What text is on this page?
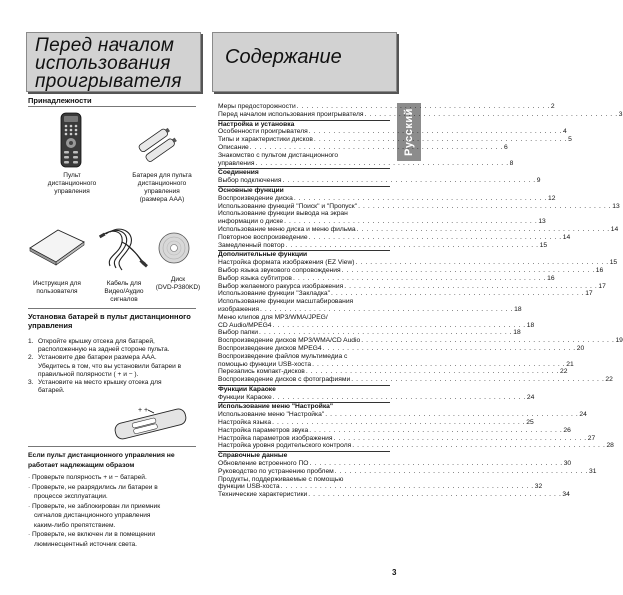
Перед началом
использования
проигрывателя
Содержание
Русский
Принадлежности
Пульт
дистанционного
управления
Батарея для пульта
дистанционного
управления
(размера AAA)
Инструкция для
пользователя
Кабель для
Видео/Аудио
сигналов
Диск
(DVD-P380KD)
Установка батарей в пульт дистанционного
управления
1. Откройте крышку отсека для батарей,
расположенную на задней стороне пульта.
2. Установите две батареи размера AAA.
Убедитесь в том, что вы установили батареи в
правильной полярности ( + и − ).
3. Установите на место крышку отсека для
батарей.
+ +
Если пульт дистанционного управления не
работает надлежащим образом
· Проверьте полярность + и − батарей.
· Проверьте, не разрядились ли батареи в
процессе эксплуатации.
· Проверьте, не заблокирован ли приемник
сигналов дистанционного управления
каким-либо препятствием.
· Проверьте, не включен ли в помещении
люминесцентный источник света.
Меры предосторожности . . . . . . . . . . . . . . . . . . . . . . . . . . . . . . . . . . . . . . . . . . . . . . . . . . . . 2
Перед началом использования проигрывателя . . . . . . . . . . . . . . . . . . . . . . . . . . . . . . . . . . . . . . . . . . . . . . . . . . . . 3
Настройка и установка
Особенности проигрывателя . . . . . . . . . . . . . . . . . . . . . . . . . . . . . . . . . . . . . . . . . . . . . . . . . . . . 4
Типы и характеристики дисков . . . . . . . . . . . . . . . . . . . . . . . . . . . . . . . . . . . . . . . . . . . . . . . . . . . . 5
Описание . . . . . . . . . . . . . . . . . . . . . . . . . . . . . . . . . . . . . . . . . . . . . . . . . . . . 6
Знакомство с пультом дистанционного
управления . . . . . . . . . . . . . . . . . . . . . . . . . . . . . . . . . . . . . . . . . . . . . . . . . . . . 8
Соединения
Выбор подключения . . . . . . . . . . . . . . . . . . . . . . . . . . . . . . . . . . . . . . . . . . . . . . . . . . . . 9
Основные функции
Воспроизведение диска . . . . . . . . . . . . . . . . . . . . . . . . . . . . . . . . . . . . . . . . . . . . . . . . . . . . 12
Использование функций "Поиск" и "Пропуск" . . . . . . . . . . . . . . . . . . . . . . . . . . . . . . . . . . . . . . . . . . . . . . . . . . . . 13
Использование функции вывода на экран
информации о диске . . . . . . . . . . . . . . . . . . . . . . . . . . . . . . . . . . . . . . . . . . . . . . . . . . . . 13
Использование меню диска и меню фильма . . . . . . . . . . . . . . . . . . . . . . . . . . . . . . . . . . . . . . . . . . . . . . . . . . . . 14
Повторное воспроизведение . . . . . . . . . . . . . . . . . . . . . . . . . . . . . . . . . . . . . . . . . . . . . . . . . . . . 14
Замедленный повтор . . . . . . . . . . . . . . . . . . . . . . . . . . . . . . . . . . . . . . . . . . . . . . . . . . . . 15
Дополнительные функции
Настройка формата изображения (EZ View) . . . . . . . . . . . . . . . . . . . . . . . . . . . . . . . . . . . . . . . . . . . . . . . . . . . . 15
Выбор языка звукового сопровождения . . . . . . . . . . . . . . . . . . . . . . . . . . . . . . . . . . . . . . . . . . . . . . . . . . . . 16
Выбор языка субтитров . . . . . . . . . . . . . . . . . . . . . . . . . . . . . . . . . . . . . . . . . . . . . . . . . . . . 16
Выбор желаемого ракурса изображения . . . . . . . . . . . . . . . . . . . . . . . . . . . . . . . . . . . . . . . . . . . . . . . . . . . . 17
Использование функции "Закладка" . . . . . . . . . . . . . . . . . . . . . . . . . . . . . . . . . . . . . . . . . . . . . . . . . . . . 17
Использование функции масштабирования
изображения . . . . . . . . . . . . . . . . . . . . . . . . . . . . . . . . . . . . . . . . . . . . . . . . . . . . 18
Меню клипов для MP3/WMA/JPEG/
CD Audio/MPEG4 . . . . . . . . . . . . . . . . . . . . . . . . . . . . . . . . . . . . . . . . . . . . . . . . . . . . 18
Выбор папки . . . . . . . . . . . . . . . . . . . . . . . . . . . . . . . . . . . . . . . . . . . . . . . . . . . . 18
Воспроизведение дисков MP3/WMA/CD Audio . . . . . . . . . . . . . . . . . . . . . . . . . . . . . . . . . . . . . . . . . . . . . . . . . . . . 19
Воспроизведение дисков MPEG4 . . . . . . . . . . . . . . . . . . . . . . . . . . . . . . . . . . . . . . . . . . . . . . . . . . . . 20
Воспроизведение файлов мультимедиа с
помощью функции USB-хоста . . . . . . . . . . . . . . . . . . . . . . . . . . . . . . . . . . . . . . . . . . . . . . . . . . . . 21
Перезапись компакт-дисков . . . . . . . . . . . . . . . . . . . . . . . . . . . . . . . . . . . . . . . . . . . . . . . . . . . . 22
Воспроизведение дисков с фотографиями . . . . . . . . . . . . . . . . . . . . . . . . . . . . . . . . . . . . . . . . . . . . . . . . . . . . 22
Функции Караоке
Функции Караоке . . . . . . . . . . . . . . . . . . . . . . . . . . . . . . . . . . . . . . . . . . . . . . . . . . . . 24
Использование меню "Настройка"
Использование меню "Настройка" . . . . . . . . . . . . . . . . . . . . . . . . . . . . . . . . . . . . . . . . . . . . . . . . . . . . 24
Настройка языка . . . . . . . . . . . . . . . . . . . . . . . . . . . . . . . . . . . . . . . . . . . . . . . . . . . . 25
Настройка параметров звука . . . . . . . . . . . . . . . . . . . . . . . . . . . . . . . . . . . . . . . . . . . . . . . . . . . . 26
Настройка параметров изображения . . . . . . . . . . . . . . . . . . . . . . . . . . . . . . . . . . . . . . . . . . . . . . . . . . . . 27
Настройка уровня родительского контроля . . . . . . . . . . . . . . . . . . . . . . . . . . . . . . . . . . . . . . . . . . . . . . . . . . . . 28
Справочные данные
Обновление встроенного ПО . . . . . . . . . . . . . . . . . . . . . . . . . . . . . . . . . . . . . . . . . . . . . . . . . . . . 30
Руководство по устранению проблем . . . . . . . . . . . . . . . . . . . . . . . . . . . . . . . . . . . . . . . . . . . . . . . . . . . . 31
Продукты, поддерживаемые с помощью
функции USB-хоста . . . . . . . . . . . . . . . . . . . . . . . . . . . . . . . . . . . . . . . . . . . . . . . . . . . . 32
Технические характеристики . . . . . . . . . . . . . . . . . . . . . . . . . . . . . . . . . . . . . . . . . . . . . . . . . . . . 34
3
